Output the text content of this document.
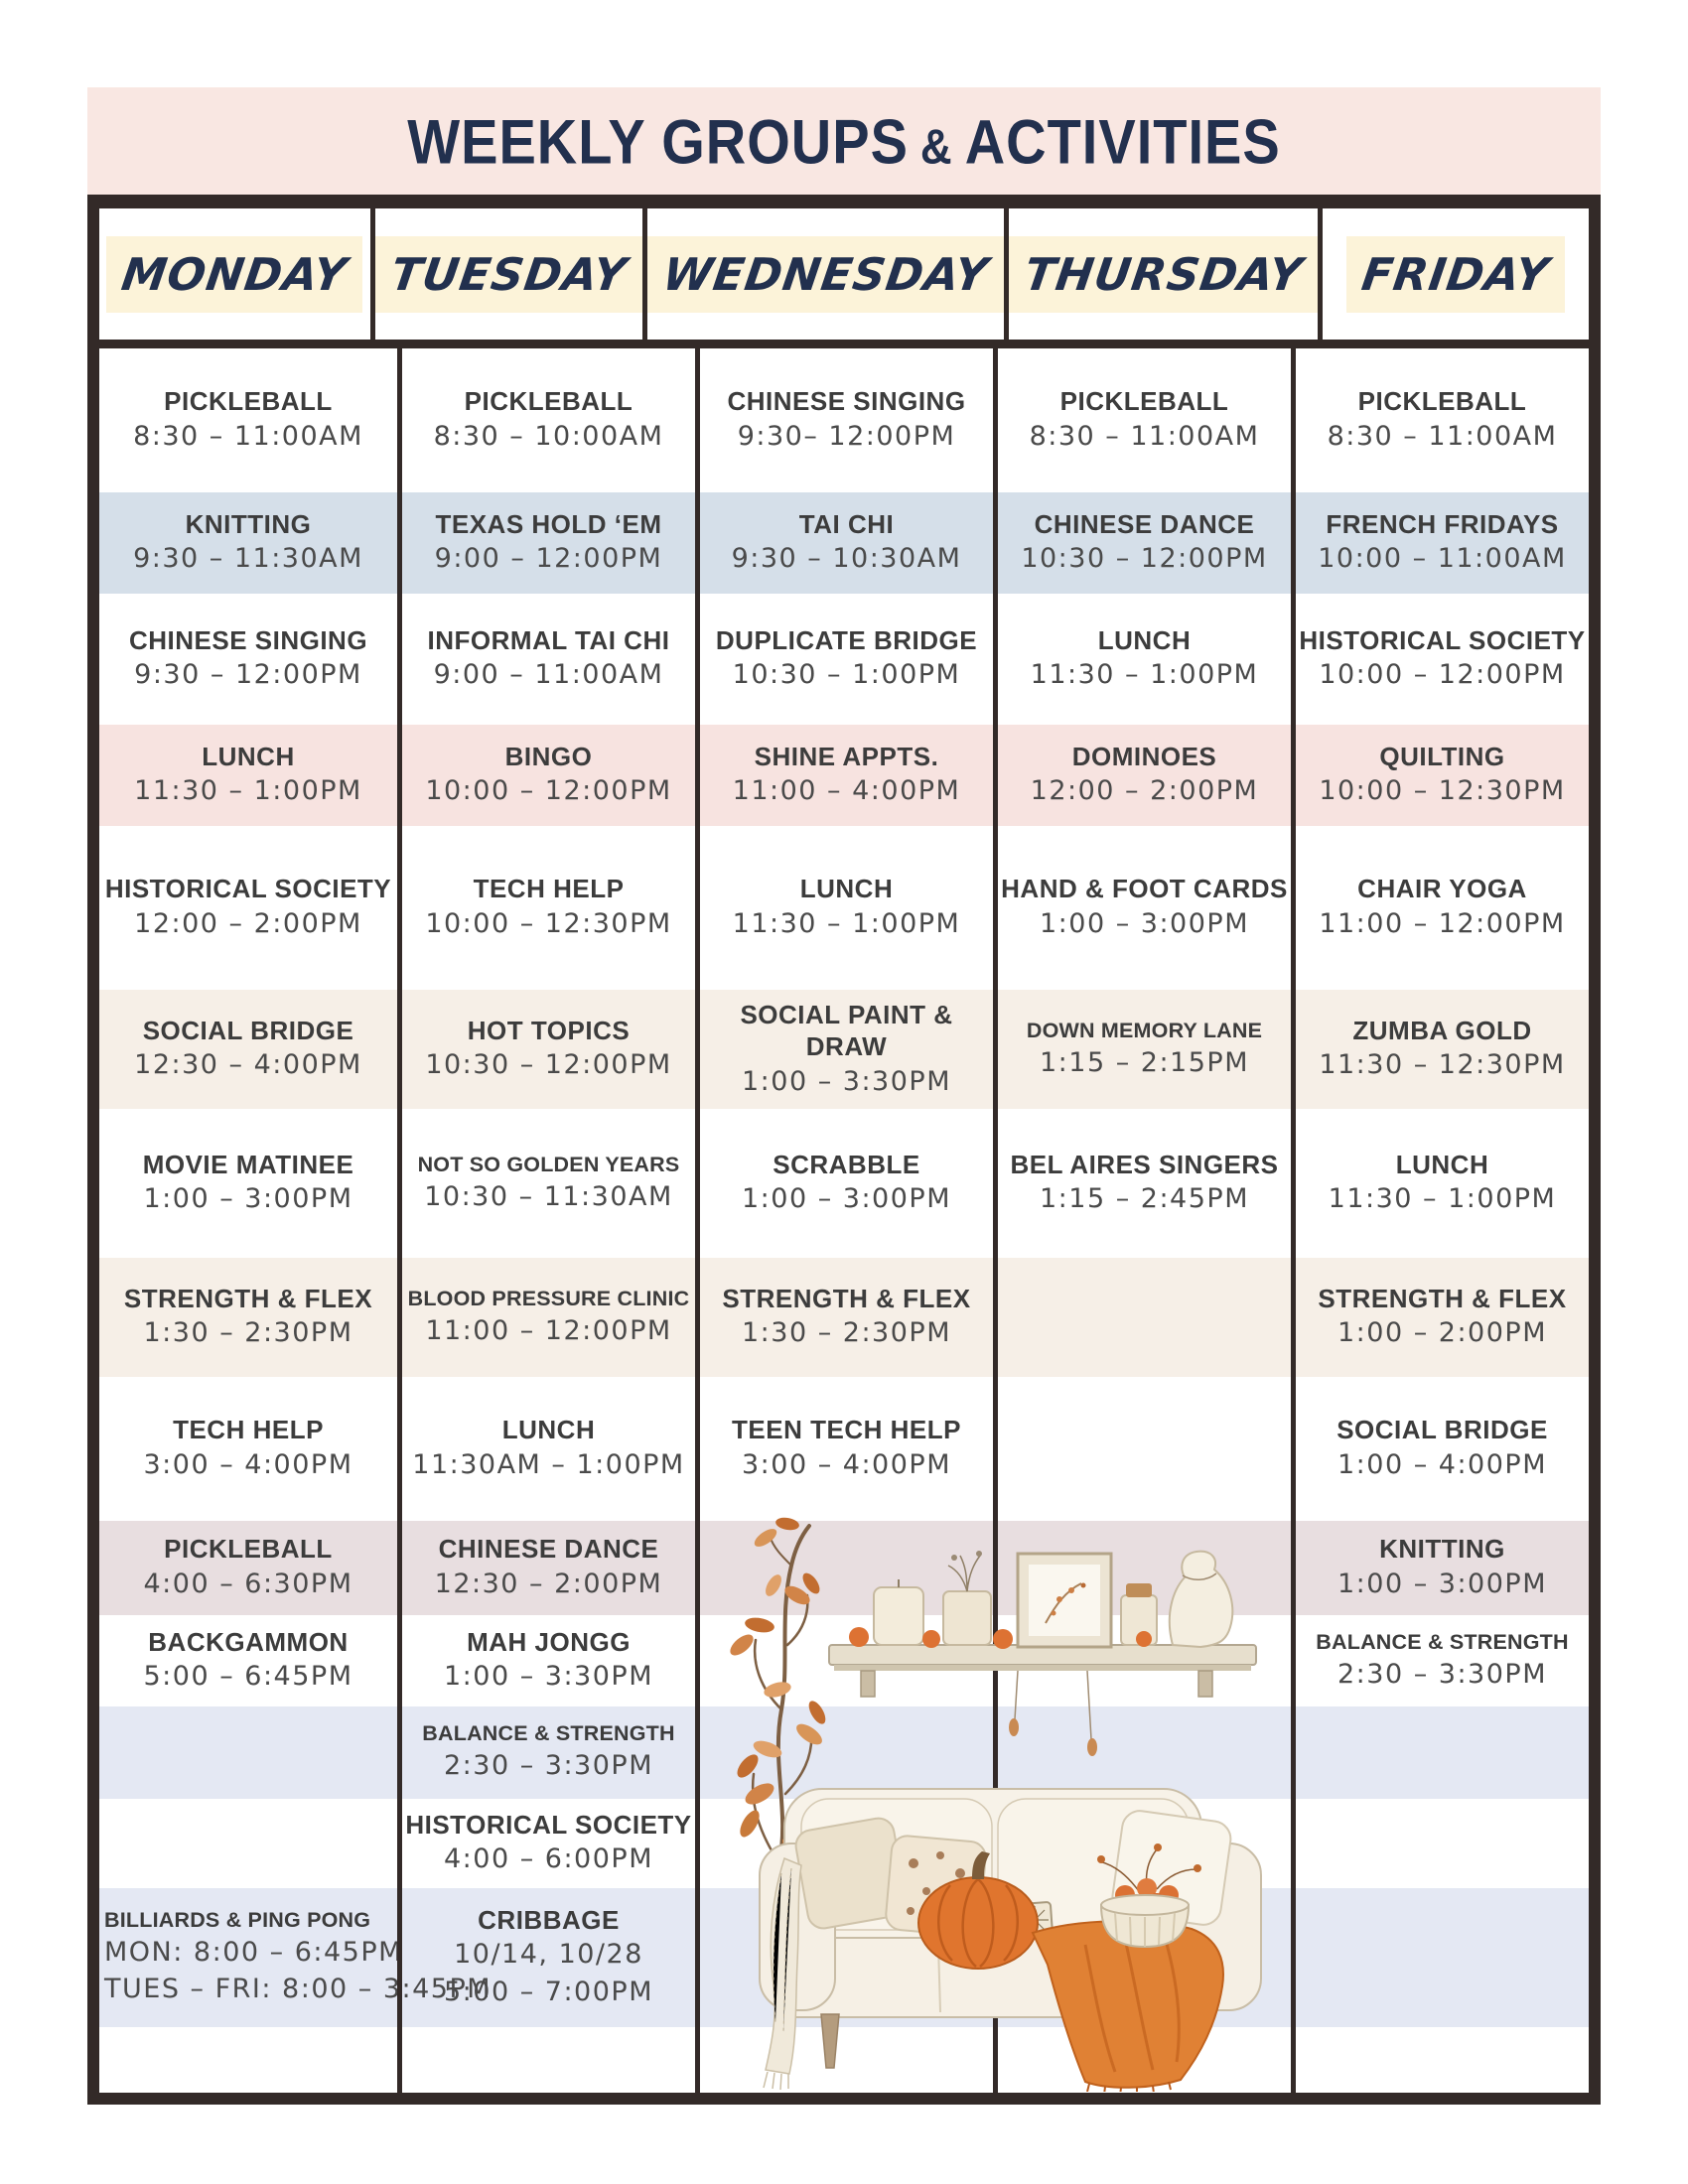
WEEKLY GROUPS & ACTIVITIES
MONDAY TUESDAY WEDNESDAY THURSDAY FRIDAY
PICKLEBALL
8:30 – 11:00AM
PICKLEBALL
8:30 – 10:00AM
CHINESE SINGING
9:30– 12:00PM
PICKLEBALL
8:30 – 11:00AM
PICKLEBALL
8:30 – 11:00AM
KNITTING
9:30 – 11:30AM
TEXAS HOLD ‘EM
9:00 – 12:00PM
TAI CHI
9:30 – 10:30AM
CHINESE DANCE
10:30 – 12:00PM
FRENCH FRIDAYS
10:00 – 11:00AM
CHINESE SINGING
9:30 – 12:00PM
INFORMAL TAI CHI
9:00 – 11:00AM
DUPLICATE BRIDGE
10:30 – 1:00PM
LUNCH
11:30 – 1:00PM
HISTORICAL SOCIETY
10:00 – 12:00PM
LUNCH
11:30 – 1:00PM
BINGO
10:00 – 12:00PM
SHINE APPTS.
11:00 – 4:00PM
DOMINOES
12:00 – 2:00PM
QUILTING
10:00 – 12:30PM
HISTORICAL SOCIETY
12:00 – 2:00PM
TECH HELP
10:00 – 12:30PM
LUNCH
11:30 – 1:00PM
HAND & FOOT CARDS
1:00 – 3:00PM
CHAIR YOGA
11:00 – 12:00PM
SOCIAL BRIDGE
12:30 – 4:00PM
HOT TOPICS
10:30 – 12:00PM
SOCIAL PAINT & DRAW
1:00 – 3:30PM
DOWN MEMORY LANE
1:15 – 2:15PM
ZUMBA GOLD
11:30 – 12:30PM
MOVIE MATINEE
1:00 – 3:00PM
NOT SO GOLDEN YEARS
10:30 – 11:30AM
SCRABBLE
1:00 – 3:00PM
BEL AIRES SINGERS
1:15 – 2:45PM
LUNCH
11:30 – 1:00PM
STRENGTH & FLEX
1:30 – 2:30PM
BLOOD PRESSURE CLINIC
11:00 – 12:00PM
STRENGTH & FLEX
1:30 – 2:30PM
STRENGTH & FLEX
1:00 – 2:00PM
TECH HELP
3:00 – 4:00PM
LUNCH
11:30AM – 1:00PM
TEEN TECH HELP
3:00 – 4:00PM
SOCIAL BRIDGE
1:00 – 4:00PM
PICKLEBALL
4:00 – 6:30PM
CHINESE DANCE
12:30 – 2:00PM
KNITTING
1:00 – 3:00PM
BACKGAMMON
5:00 – 6:45PM
MAH JONGG
1:00 – 3:30PM
BALANCE & STRENGTH
2:30 – 3:30PM
BALANCE & STRENGTH
2:30 – 3:30PM
HISTORICAL SOCIETY
4:00 – 6:00PM
BILLIARDS & PING PONG
MON: 8:00 – 6:45PM
TUES – FRI: 8:00 – 3:45PM
CRIBBAGE
10/14, 10/28
5:00 – 7:00PM
